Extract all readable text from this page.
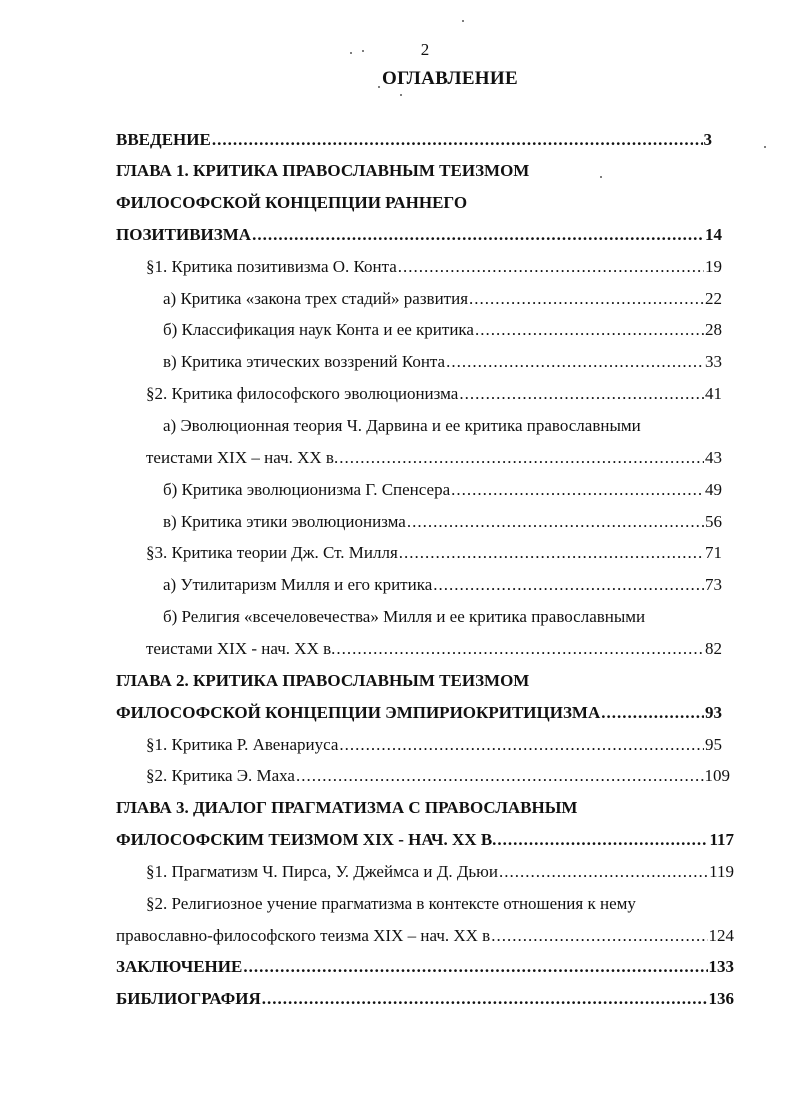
2
ОГЛАВЛЕНИЕ
ВВЕДЕНИЕ .....	3
ГЛАВА 1. КРИТИКА ПРАВОСЛАВНЫМ ТЕИЗМОМ
ФИЛОСОФСКОЙ КОНЦЕПЦИИ РАННЕГО
ПОЗИТИВИЗМА .....	14
§1. Критика позитивизма О. Конта .....	19
а) Критика «закона трех стадий» развития .....	22
б) Классификация наук Конта и ее критика .....	28
в) Критика этических воззрений Конта .....	33
§2. Критика философского эволюционизма .....	41
а) Эволюционная теория Ч. Дарвина и ее критика православными
теистами XIX – нач. XX в. .....	43
б) Критика эволюционизма Г. Спенсера .....	49
в) Критика этики эволюционизма .....	56
§3. Критика теории Дж. Ст. Милля .....	71
а) Утилитаризм Милля и его критика .....	73
б) Религия «всечеловечества» Милля и ее критика православными
теистами XIX - нач. XX в. .....	82
ГЛАВА 2. КРИТИКА ПРАВОСЛАВНЫМ ТЕИЗМОМ
ФИЛОСОФСКОЙ КОНЦЕПЦИИ ЭМПИРИОКРИТИЦИЗМА .....	93
§1. Критика Р. Авенариуса .....	95
§2. Критика Э. Маха .....	109
ГЛАВА 3. ДИАЛОГ ПРАГМАТИЗМА С ПРАВОСЛАВНЫМ
ФИЛОСОФСКИМ ТЕИЗМОМ XIX - НАЧ. XX В. .....	117
§1. Прагматизм Ч. Пирса, У. Джеймса и Д. Дьюи .....	119
§2. Религиозное учение прагматизма в контексте отношения к нему
православно-философского теизма XIX – нач. XX в .....	124
ЗАКЛЮЧЕНИЕ .....	133
БИБЛИОГРАФИЯ .....	136
